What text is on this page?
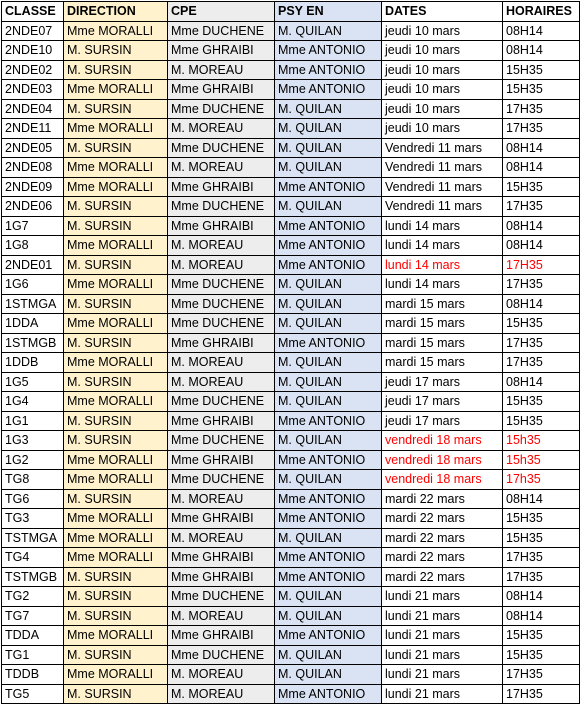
CLASSE	DIRECTION	CPE	PSY EN	DATES	HORAIRES
2NDE07	Mme MORALLI	Mme DUCHENE	M. QUILAN	jeudi 10 mars	08H14
2NDE10	M. SURSIN	Mme GHRAIBI	Mme ANTONIO	jeudi 10 mars	08H14
2NDE02	M. SURSIN	M. MOREAU	Mme ANTONIO	jeudi 10 mars	15H35
2NDE03	Mme MORALLI	Mme GHRAIBI	Mme ANTONIO	jeudi 10 mars	15H35
2NDE04	M. SURSIN	Mme DUCHENE	M. QUILAN	jeudi 10 mars	17H35
2NDE11	Mme MORALLI	M. MOREAU	M. QUILAN	jeudi 10 mars	17H35
2NDE05	M. SURSIN	Mme DUCHENE	M. QUILAN	Vendredi 11 mars	08H14
2NDE08	Mme MORALLI	M. MOREAU	M. QUILAN	Vendredi 11 mars	08H14
2NDE09	Mme MORALLI	Mme GHRAIBI	Mme ANTONIO	Vendredi 11 mars	15H35
2NDE06	M. SURSIN	Mme DUCHENE	M. QUILAN	Vendredi 11 mars	17H35
1G7	M. SURSIN	Mme GHRAIBI	Mme ANTONIO	lundi 14 mars	08H14
1G8	Mme MORALLI	M. MOREAU	Mme ANTONIO	lundi 14 mars	08H14
2NDE01	M. SURSIN	M. MOREAU	Mme ANTONIO	lundi 14 mars	17H35
1G6	Mme MORALLI	Mme DUCHENE	M. QUILAN	lundi 14 mars	17H35
1STMGA	M. SURSIN	Mme DUCHENE	M. QUILAN	mardi 15 mars	08H14
1DDA	Mme MORALLI	Mme DUCHENE	M. QUILAN	mardi 15 mars	15H35
1STMGB	M. SURSIN	Mme GHRAIBI	Mme ANTONIO	mardi 15 mars	17H35
1DDB	Mme MORALLI	M. MOREAU	M. QUILAN	mardi 15 mars	17H35
1G5	M. SURSIN	M. MOREAU	M. QUILAN	jeudi 17 mars	08H14
1G4	Mme MORALLI	Mme DUCHENE	M. QUILAN	jeudi 17 mars	15H35
1G1	M. SURSIN	Mme GHRAIBI	Mme ANTONIO	jeudi 17 mars	15H35
1G3	M. SURSIN	Mme DUCHENE	M. QUILAN	vendredi 18 mars	15h35
1G2	Mme MORALLI	Mme GHRAIBI	Mme ANTONIO	vendredi 18 mars	15h35
TG8	Mme MORALLI	Mme DUCHENE	M. QUILAN	vendredi 18 mars	17h35
TG6	M. SURSIN	M. MOREAU	Mme ANTONIO	mardi 22 mars	08H14
TG3	Mme MORALLI	Mme GHRAIBI	Mme ANTONIO	mardi 22 mars	15H35
TSTMGA	Mme MORALLI	M. MOREAU	M. QUILAN	mardi 22 mars	15H35
TG4	Mme MORALLI	Mme GHRAIBI	Mme ANTONIO	mardi 22 mars	17H35
TSTMGB	M. SURSIN	Mme GHRAIBI	Mme ANTONIO	mardi 22 mars	17H35
TG2	M. SURSIN	Mme DUCHENE	M. QUILAN	lundi 21 mars	08H14
TG7	M. SURSIN	M. MOREAU	M. QUILAN	lundi 21 mars	08H14
TDDA	Mme MORALLI	Mme GHRAIBI	Mme ANTONIO	lundi 21 mars	15H35
TG1	M. SURSIN	Mme DUCHENE	M. QUILAN	lundi 21 mars	15H35
TDDB	Mme MORALLI	M. MOREAU	M. QUILAN	lundi 21 mars	17H35
TG5	M. SURSIN	M. MOREAU	Mme ANTONIO	lundi 21 mars	17H35
